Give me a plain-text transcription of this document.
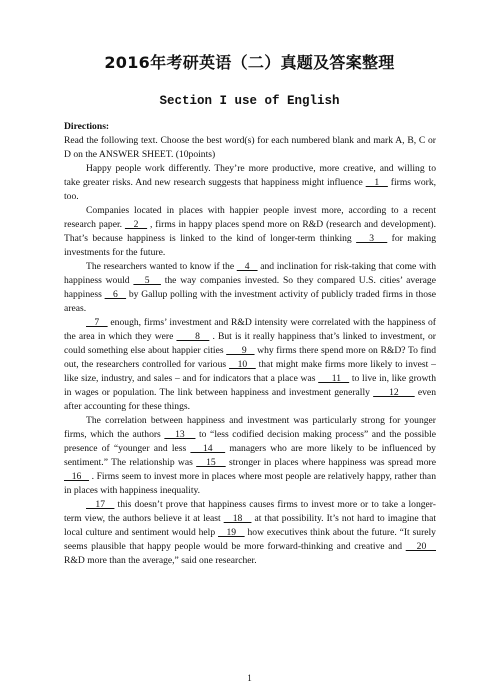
2016年考研英语（二）真题及答案整理
Section I use of English
Directions:

Read the following text. Choose the best word(s) for each numbered blank and mark A, B, C or D on the ANSWER SHEET. (10points)

Happy people work differently. They’re more productive, more creative, and willing to take greater risks. And new research suggests that happiness might influence    1    firms work, too.

Companies located in places with happier people invest more, according to a recent research paper.    2    , firms in happy places spend more on R&D (research and development). That’s because happiness is linked to the kind of longer-term thinking    3    for making investments for the future.

The researchers wanted to know if the    4    and inclination for risk-taking that come with happiness would    5    the way companies invested. So they compared U.S. cities’ average happiness    6    by Gallup polling with the investment activity of publicly traded firms in those areas.

7    enough, firms’ investment and R&D intensity were correlated with the happiness of the area in which they were       8    . But is it really happiness that’s linked to investment, or could something else about happier cities       9    why firms there spend more on R&D? To find out, the researchers controlled for various    10    that might make firms more likely to invest – like size, industry, and sales – and for indicators that a place was      11    to live in, like growth in wages or population. The link between happiness and investment generally      12      even after accounting for these things.

The correlation between happiness and investment was particularly strong for younger firms, which the authors    13    to “less codified decision making process” and the possible presence of “younger and less    14    managers who are more likely to be influenced by sentiment.” The relationship was    15    stronger in places where happiness was spread more    16    . Firms seem to invest more in places where most people are relatively happy, rather than in places with happiness inequality.

17    this doesn’t prove that happiness causes firms to invest more or to take a longer-term view, the authors believe it at least    18    at that possibility. It’s not hard to imagine that local culture and sentiment would help    19    how executives think about the future. “It surely seems plausible that happy people would be more forward-thinking and creative and    20    R&D more than the average,” said one researcher.

1
